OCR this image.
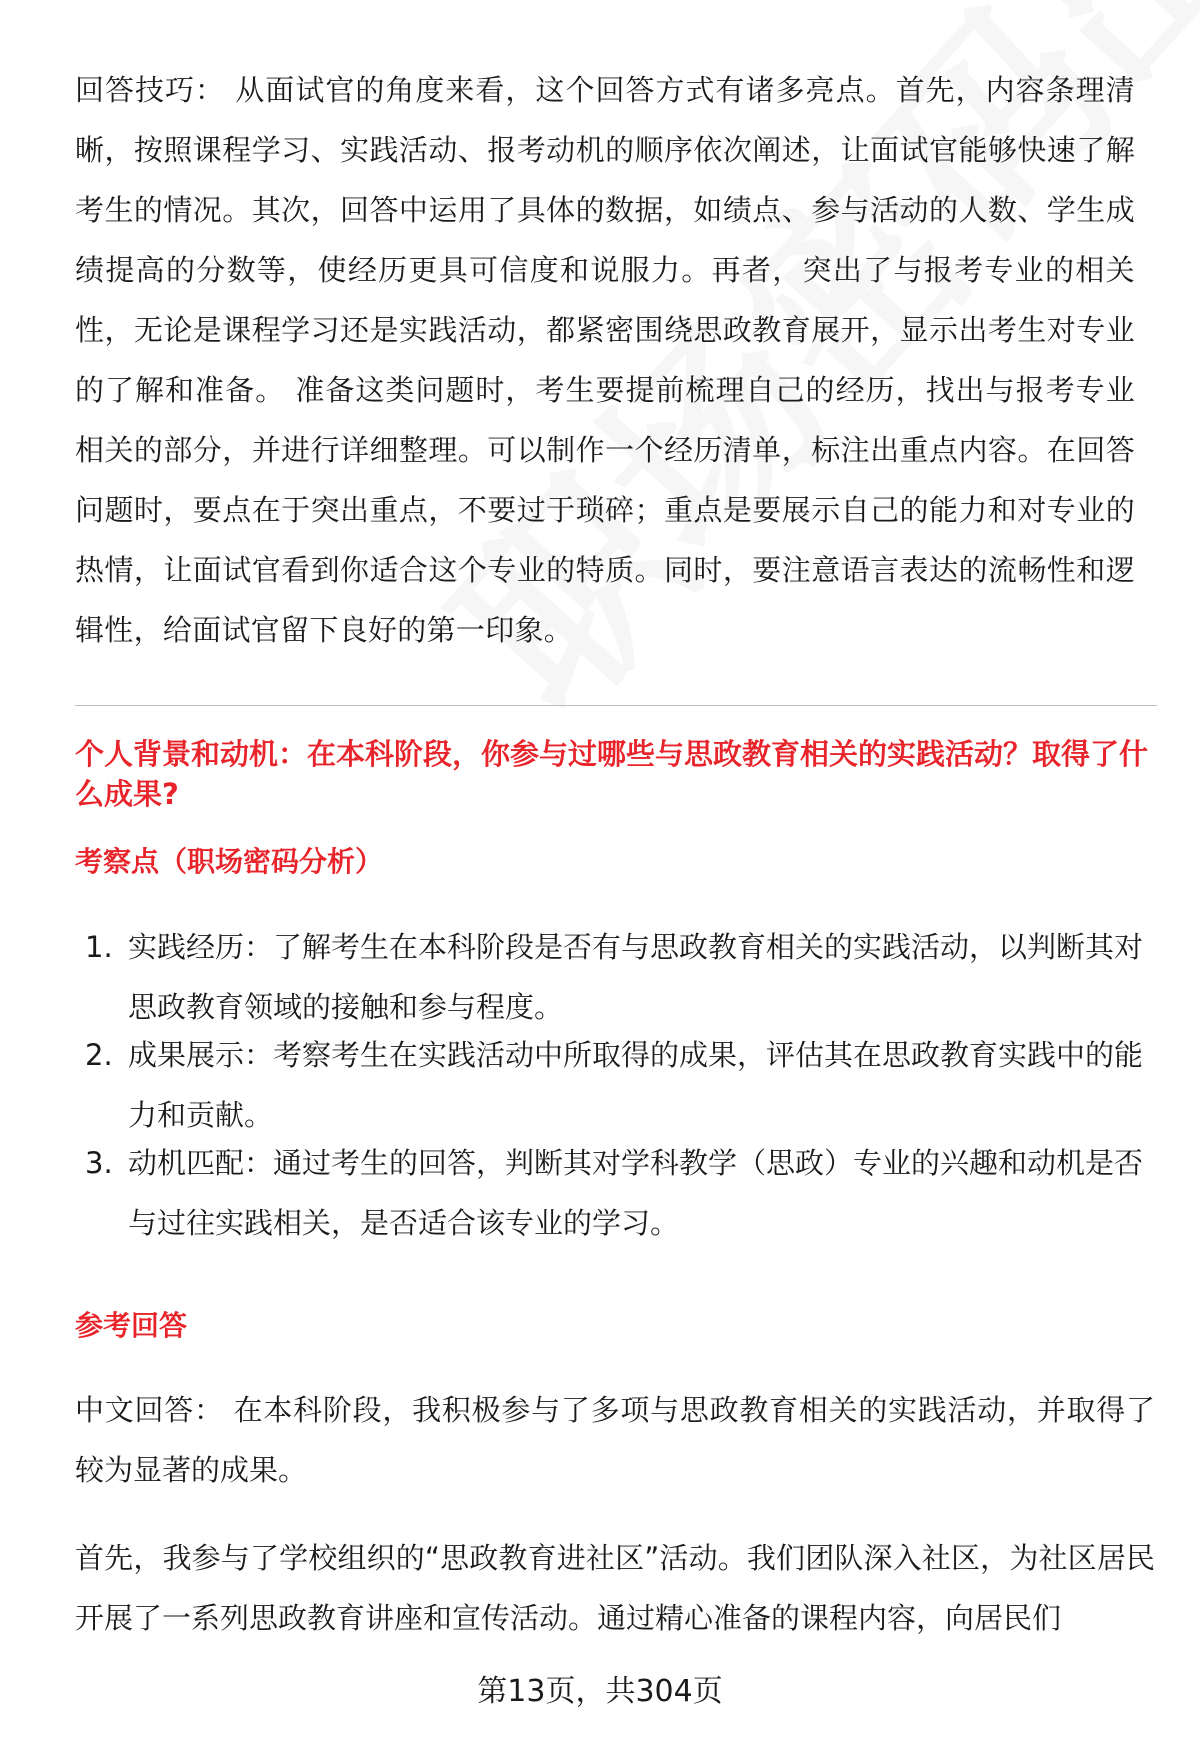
回答技巧： 从面试官的角度来看，这个回答方式有诸多亮点。首先，内容条理清晰，按照课程学习、实践活动、报考动机的顺序依次阐述，让面试官能够快速了解考生的情况。其次，回答中运用了具体的数据，如绩点、参与活动的人数、学生成绩提高的分数等，使经历更具可信度和说服力。再者，突出了与报考专业的相关性，无论是课程学习还是实践活动，都紧密围绕思政教育展开，显示出考生对专业的了解和准备。 准备这类问题时，考生要提前梳理自己的经历，找出与报考专业相关的部分，并进行详细整理。可以制作一个经历清单，标注出重点内容。在回答问题时，要点在于突出重点，不要过于琐碎；重点是要展示自己的能力和对专业的热情，让面试官看到你适合这个专业的特质。同时，要注意语言表达的流畅性和逻辑性，给面试官留下良好的第一印象。

个人背景和动机：在本科阶段，你参与过哪些与思政教育相关的实践活动？取得了什么成果?
考察点（职场密码分析）
1. 实践经历：了解考生在本科阶段是否有与思政教育相关的实践活动，以判断其对思政教育领域的接触和参与程度。
2. 成果展示：考察考生在实践活动中所取得的成果，评估其在思政教育实践中的能力和贡献。
3. 动机匹配：通过考生的回答，判断其对学科教学（思政）专业的兴趣和动机是否与过往实践相关，是否适合该专业的学习。
参考回答

中文回答： 在本科阶段，我积极参与了多项与思政教育相关的实践活动，并取得了较为显著的成果。

首先，我参与了学校组织的“思政教育进社区”活动。我们团队深入社区，为社区居民开展了一系列思政教育讲座和宣传活动。通过精心准备的课程内容，向居民们

第13页，共304页
